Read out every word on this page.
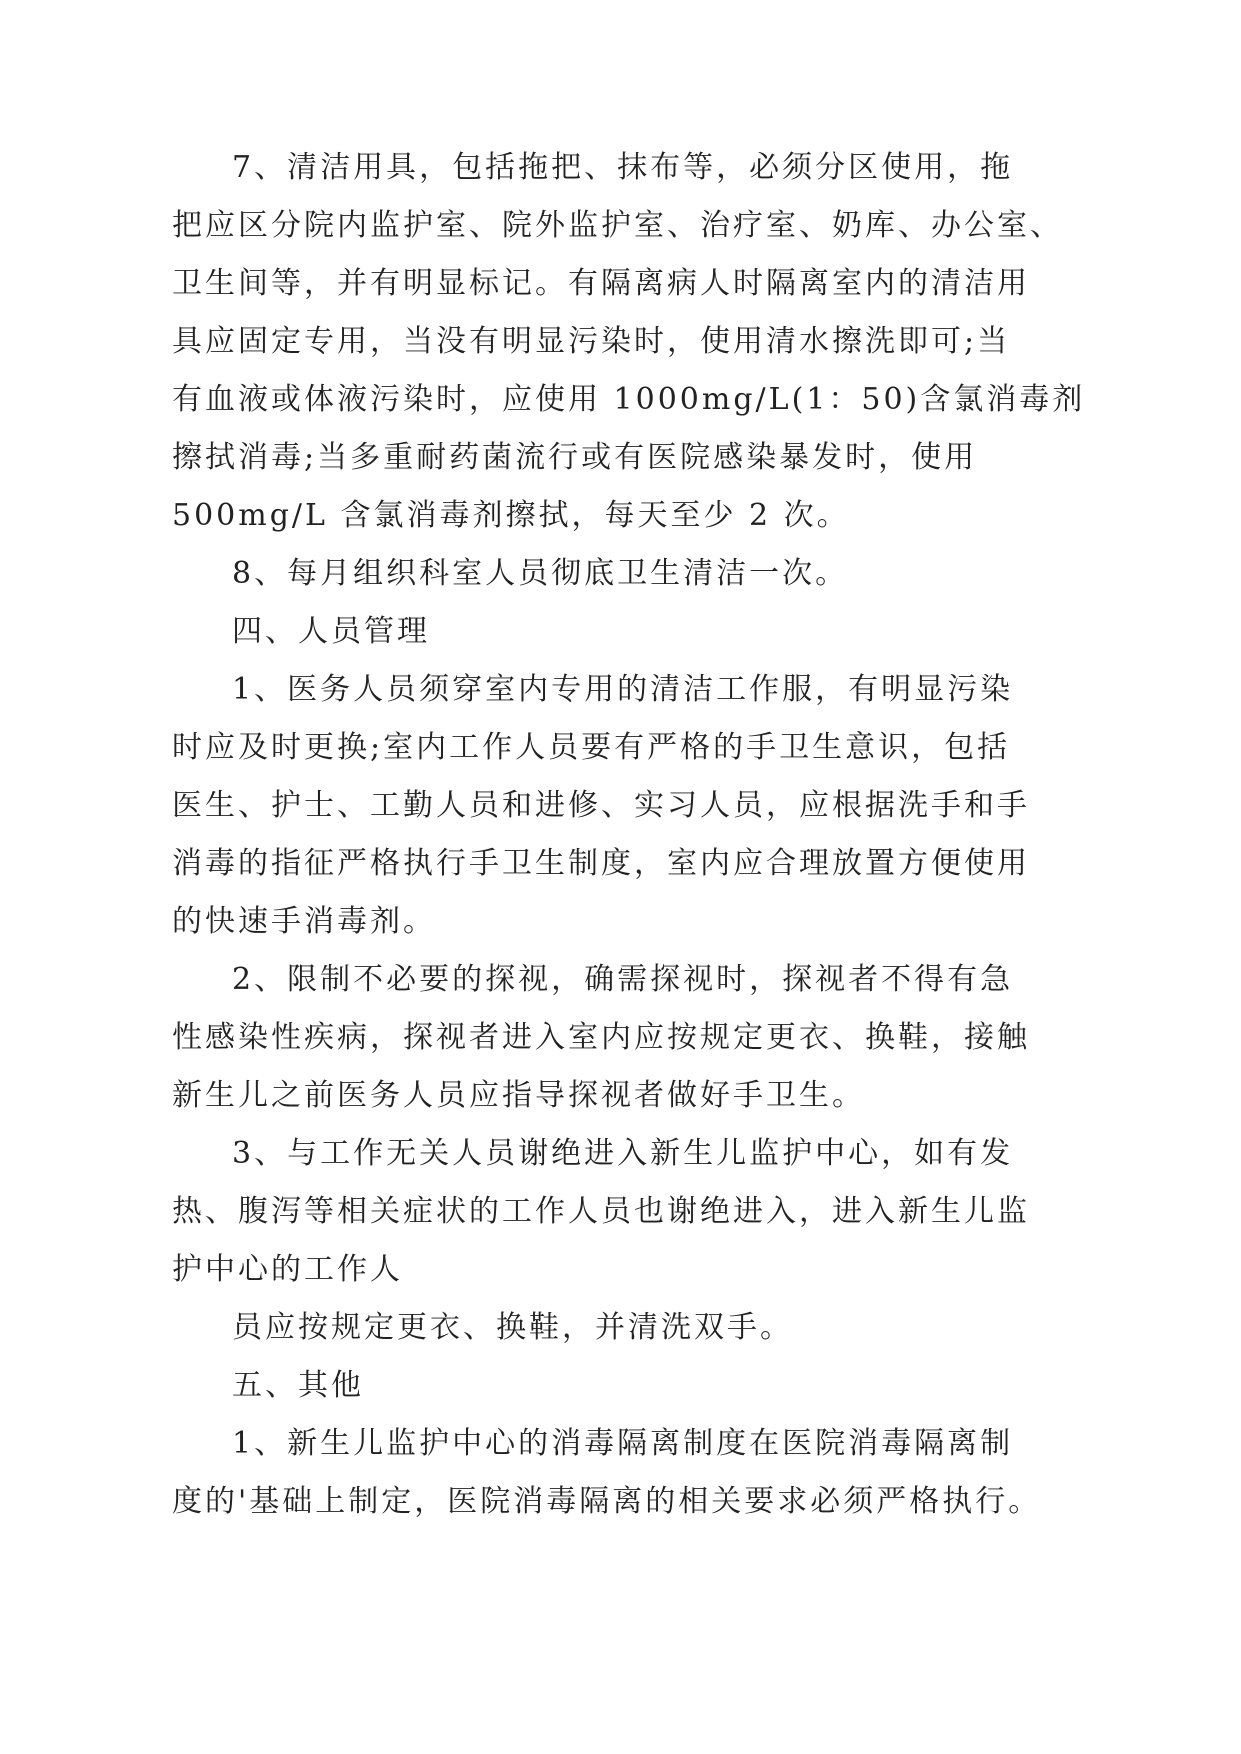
7、清洁用具，包括拖把、抹布等，必须分区使用，拖

把应区分院内监护室、院外监护室、治疗室、奶库、办公室、

卫生间等，并有明显标记。有隔离病人时隔离室内的清洁用

具应固定专用，当没有明显污染时，使用清水擦洗即可;当

有血液或体液污染时，应使用 1000mg/L(1：50)含氯消毒剂

擦拭消毒;当多重耐药菌流行或有医院感染暴发时，使用

500mg/L 含氯消毒剂擦拭，每天至少 2 次。

8、每月组织科室人员彻底卫生清洁一次。

四、人员管理

1、医务人员须穿室内专用的清洁工作服，有明显污染

时应及时更换;室内工作人员要有严格的手卫生意识，包括

医生、护士、工勤人员和进修、实习人员，应根据洗手和手

消毒的指征严格执行手卫生制度，室内应合理放置方便使用

的快速手消毒剂。

2、限制不必要的探视，确需探视时，探视者不得有急

性感染性疾病，探视者进入室内应按规定更衣、换鞋，接触

新生儿之前医务人员应指导探视者做好手卫生。

3、与工作无关人员谢绝进入新生儿监护中心，如有发

热、腹泻等相关症状的工作人员也谢绝进入，进入新生儿监

护中心的工作人

员应按规定更衣、换鞋，并清洗双手。

五、其他

1、新生儿监护中心的消毒隔离制度在医院消毒隔离制

度的'基础上制定，医院消毒隔离的相关要求必须严格执行。
